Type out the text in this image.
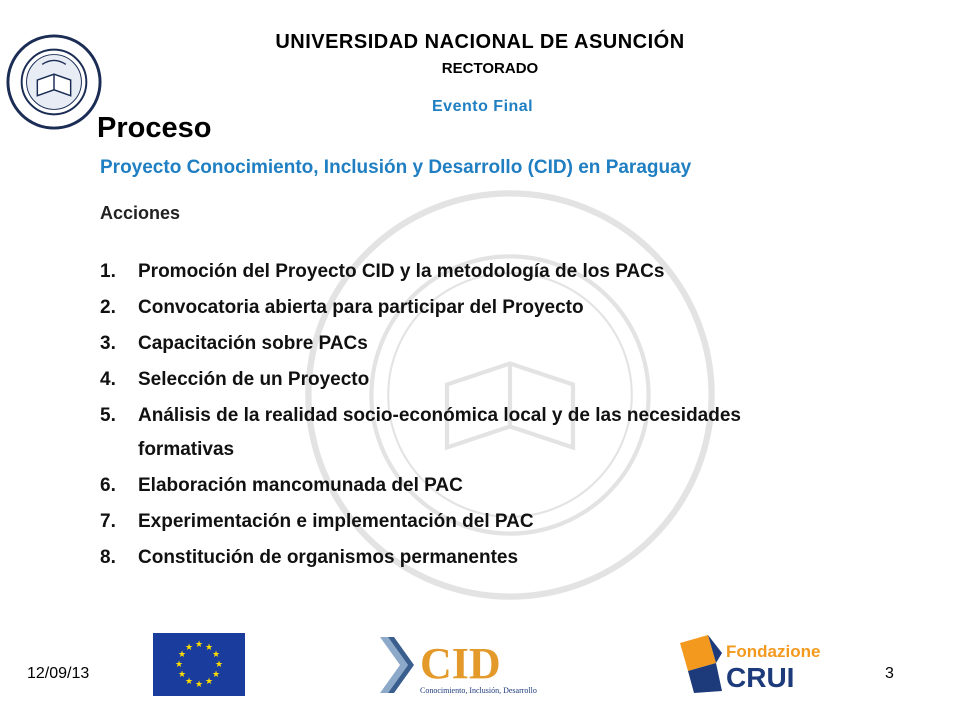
UNIVERSIDAD NACIONAL DE ASUNCIÓN
RECTORADO
Evento Final
Proceso
Proyecto Conocimiento, Inclusión y Desarrollo (CID) en Paraguay
Acciones
1. Promoción del Proyecto CID y la metodología de los PACs
2. Convocatoria abierta para participar del Proyecto
3. Capacitación sobre PACs
4. Selección de un Proyecto
5. Análisis de la realidad socio-económica local y de las necesidades formativas
6. Elaboración mancomunada del PAC
7. Experimentación e implementación del PAC
8. Constitución de organismos permanentes
12/09/13	3
★ ★
★
★
★
★
★
★
★
★
★
★	CID
Conocimiento, Inclusión, Desarrollo
Fondazione
CRUI
